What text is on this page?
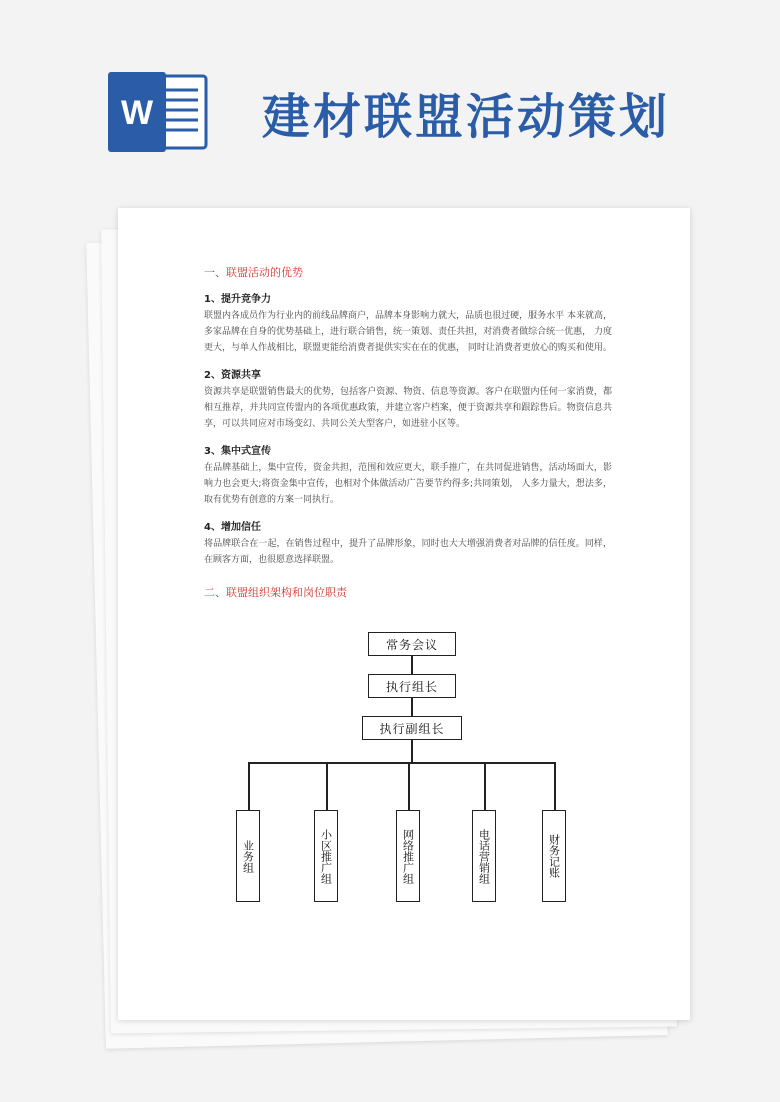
W 建材联盟活动策划
一、联盟活动的优势
1、提升竞争力
联盟内各成员作为行业内的前线品牌商户，品牌本身影响力就大，品质也很过硬，服务水平 本来就高，多家品牌在自身的优势基础上，进行联合销售，统一策划、责任共担，对消费者做综合统一优惠， 力度更大，与单人作战相比，联盟更能给消费者提供实实在在的优惠， 同时让消费者更放心的购买和使用。
2、资源共享
资源共享是联盟销售最大的优势，包括客户资源、物资、信息等资源。客户在联盟内任何一家消费，都相互推荐，并共同宣传盟内的各项优惠政策，并建立客户档案，便于资源共享和跟踪售后。物资信息共享，可以共同应对市场变幻、共同公关大型客户，如进驻小区等。
3、集中式宣传
在品牌基础上，集中宣传，资金共担，范围和效应更大，联手推广，在共同促进销售，活动场面大，影响力也会更大;将资金集中宣传，也相对个体做活动广告要节约得多;共同策划， 人多力量大，想法多，取有优势有创意的方案一同执行。
4、增加信任
将品牌联合在一起，在销售过程中，提升了品牌形象，同时也大大增强消费者对品牌的信任度。同样，在顾客方面，也很愿意选择联盟。
二、联盟组织架构和岗位职责
常务会议
执行组长
执行副组长
业务组	小区推广组	网络推广组	电话营销组	财务记账
